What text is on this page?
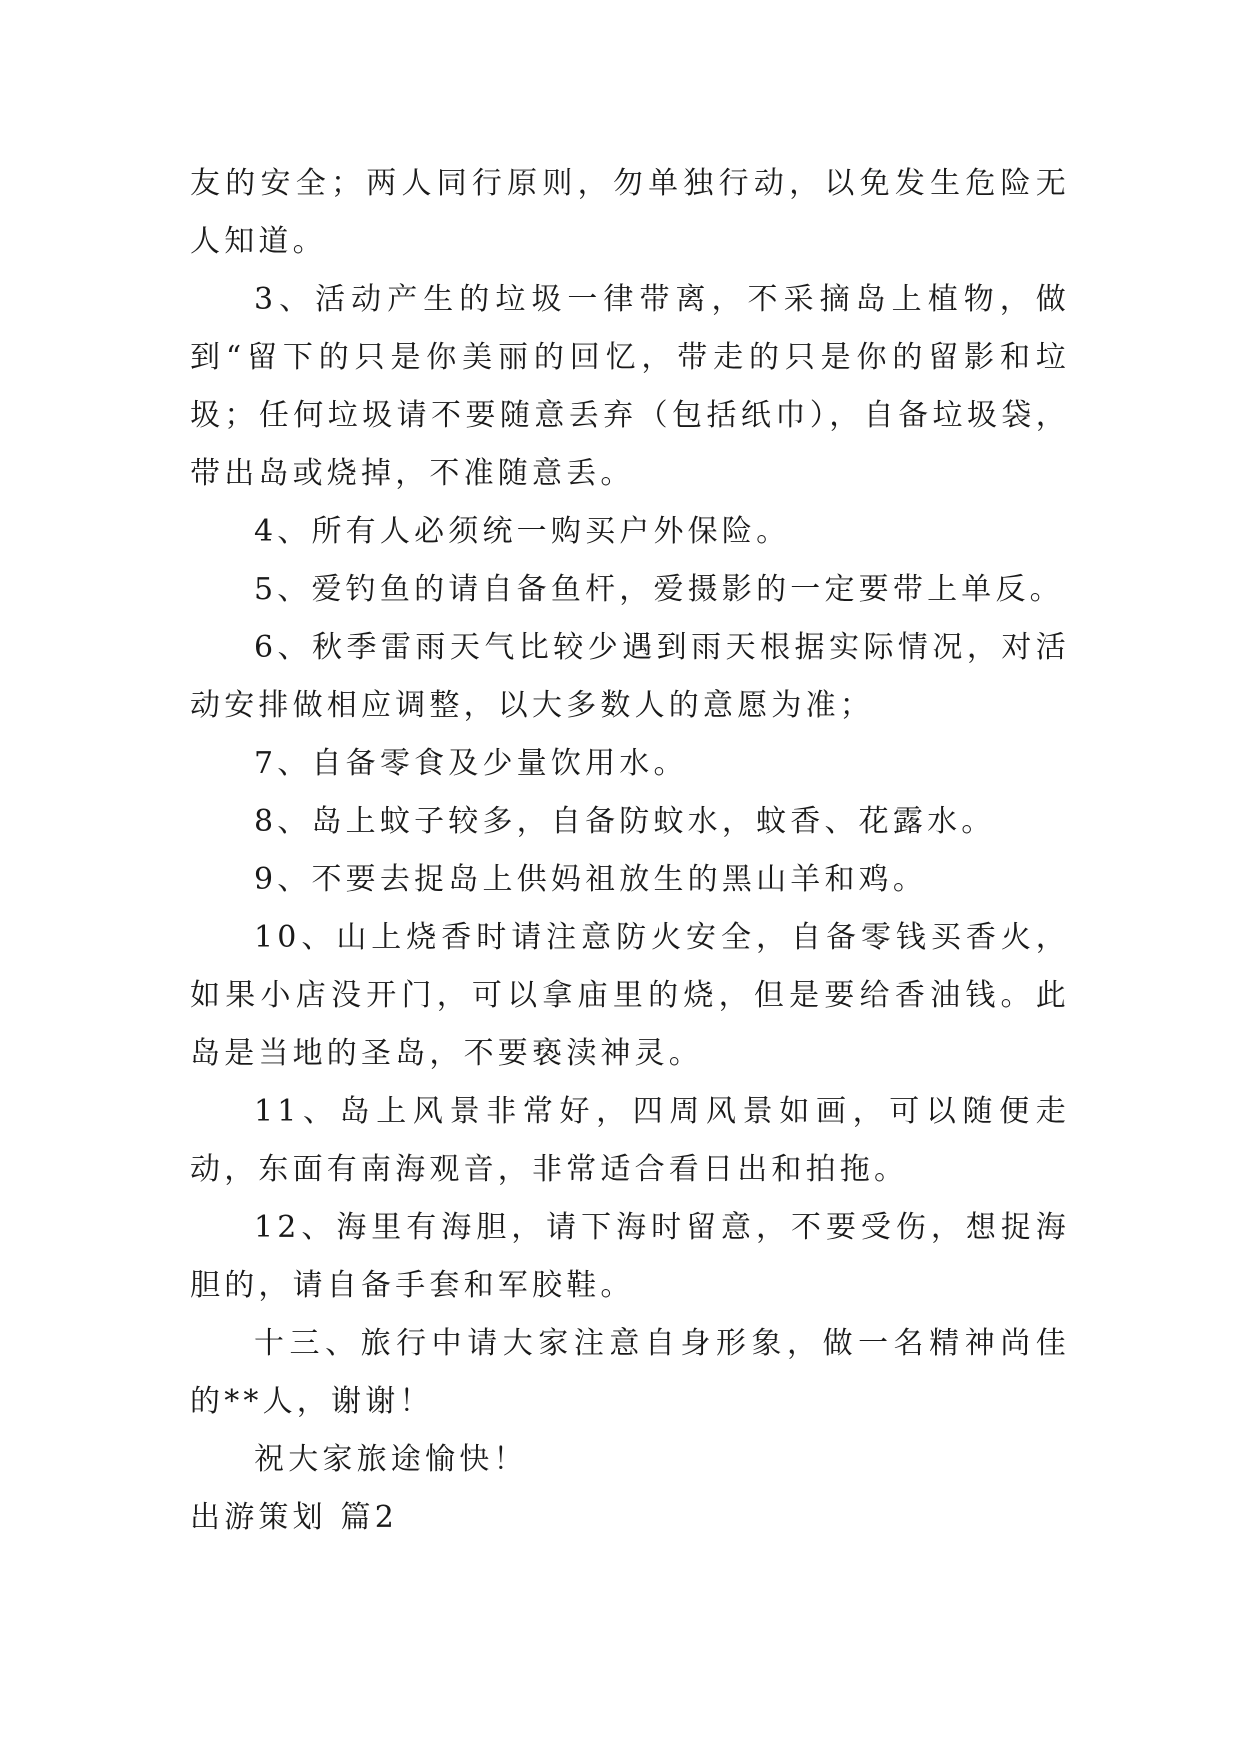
友的安全；两人同行原则，勿单独行动，以免发生危险无人知道。

3、活动产生的垃圾一律带离，不采摘岛上植物，做到“留下的只是你美丽的回忆，带走的只是你的留影和垃圾；任何垃圾请不要随意丢弃（包括纸巾），自备垃圾袋，带出岛或烧掉，不准随意丢。

4、所有人必须统一购买户外保险。

5、爱钓鱼的请自备鱼杆，爱摄影的一定要带上单反。

6、秋季雷雨天气比较少遇到雨天根据实际情况，对活动安排做相应调整，以大多数人的意愿为准；

7、自备零食及少量饮用水。

8、岛上蚊子较多，自备防蚊水，蚊香、花露水。

9、不要去捉岛上供妈祖放生的黑山羊和鸡。

10、山上烧香时请注意防火安全，自备零钱买香火，如果小店没开门，可以拿庙里的烧，但是要给香油钱。此岛是当地的圣岛，不要亵渎神灵。

11、岛上风景非常好，四周风景如画，可以随便走动，东面有南海观音，非常适合看日出和拍拖。

12、海里有海胆，请下海时留意，不要受伤，想捉海胆的，请自备手套和军胶鞋。

十三、旅行中请大家注意自身形象，做一名精神尚佳的**人，谢谢！

祝大家旅途愉快！

出游策划 篇2
